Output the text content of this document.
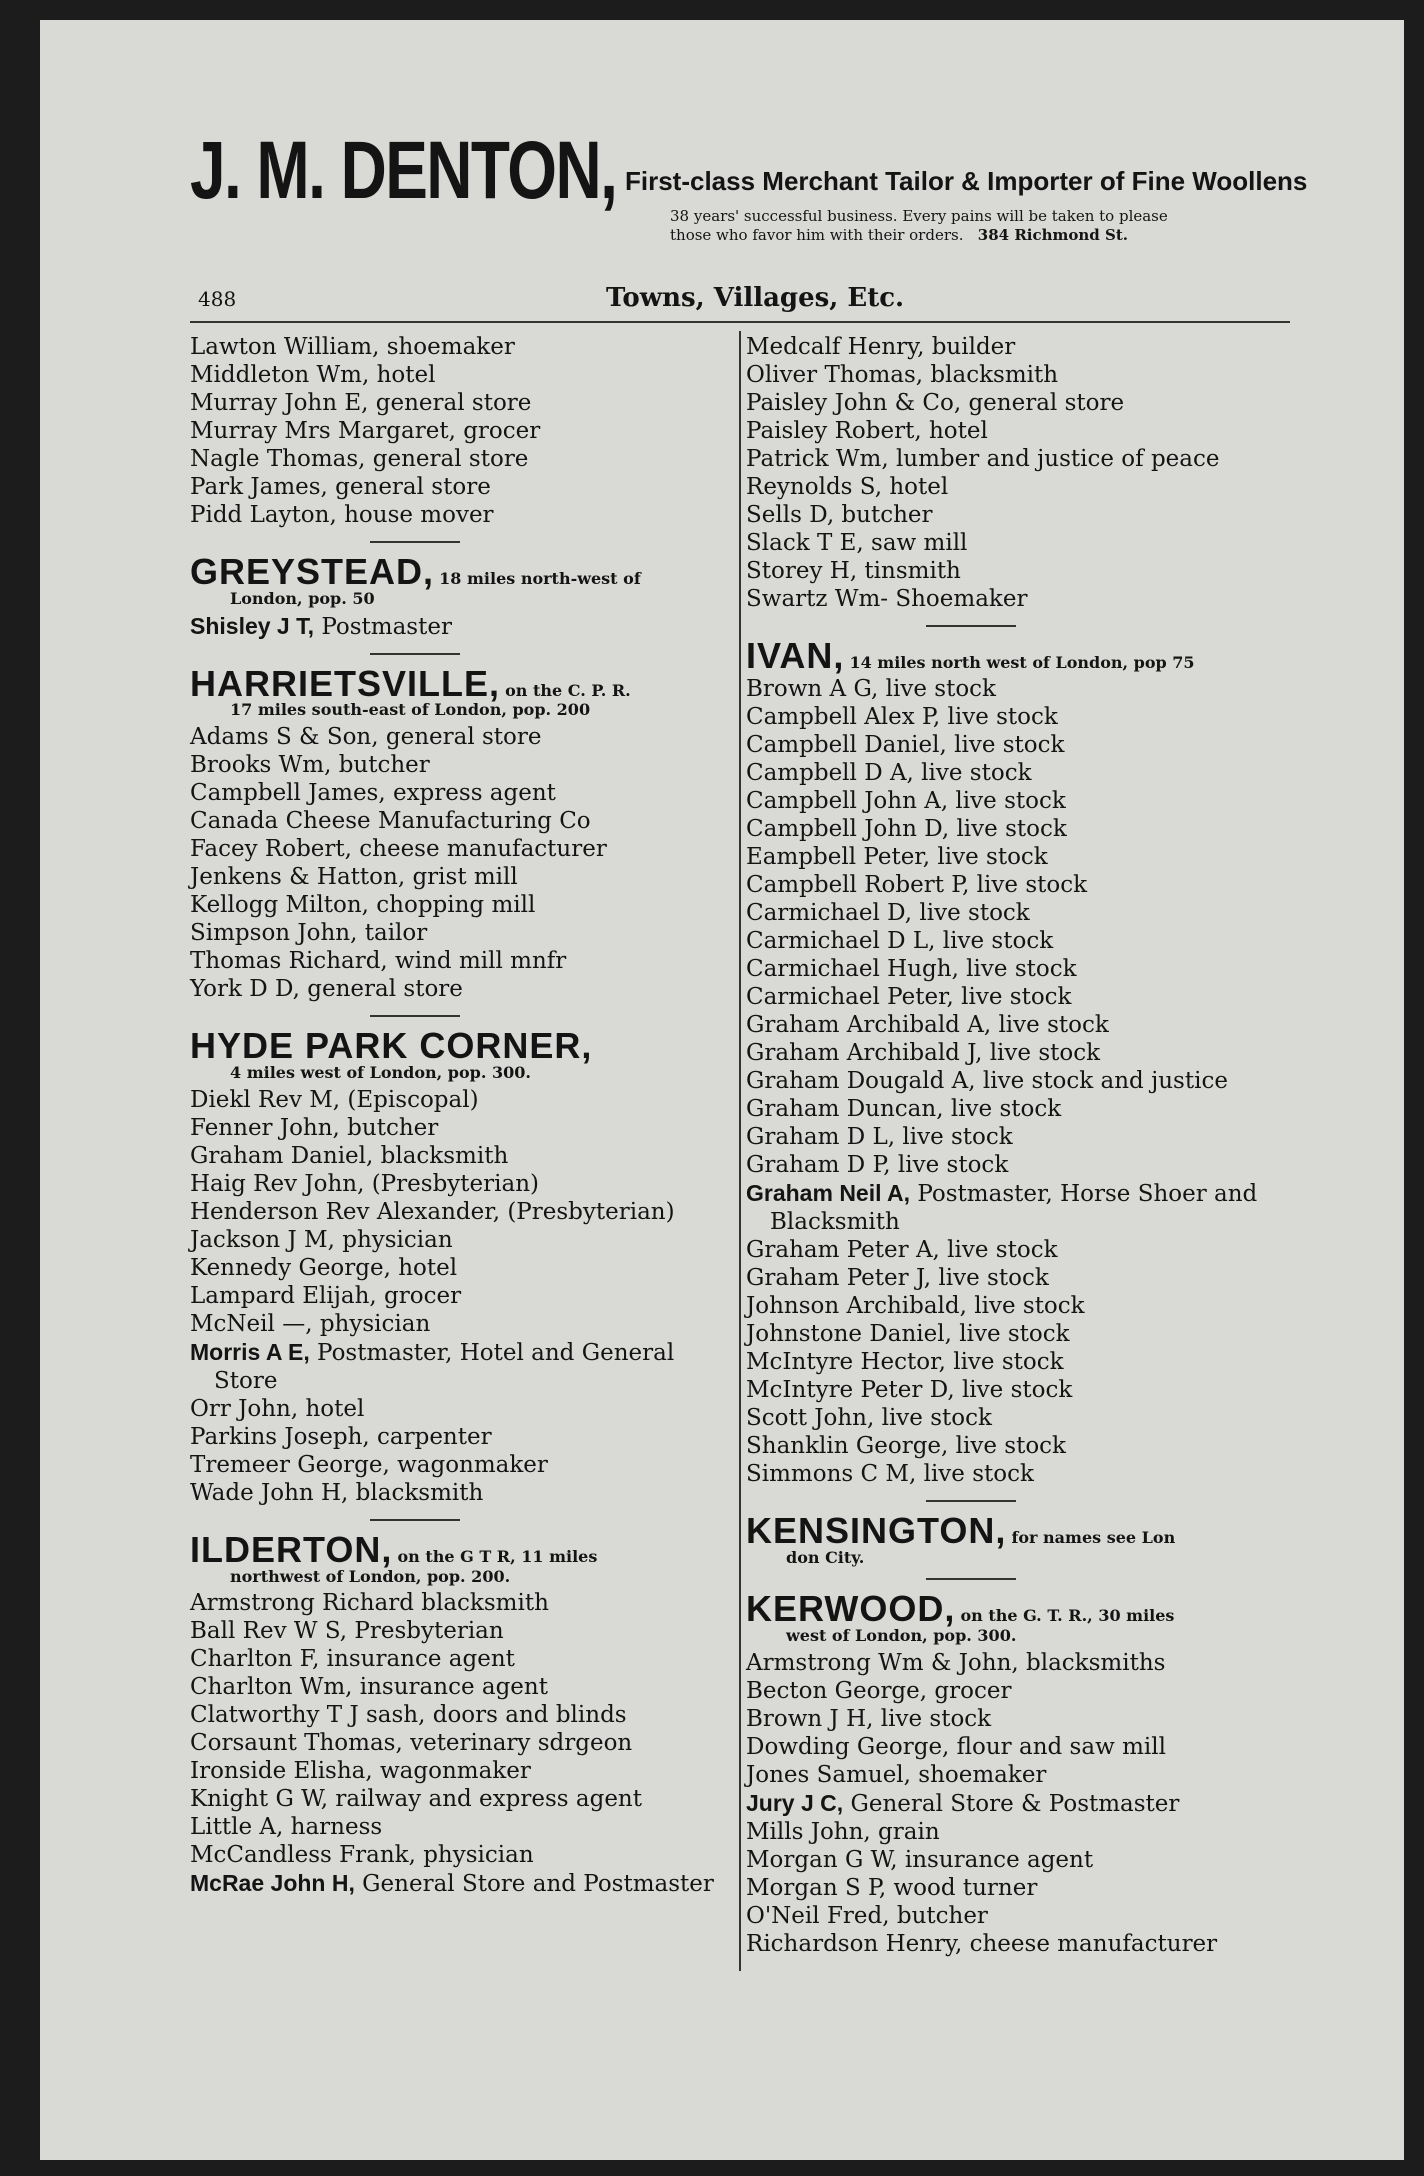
J. M. DENTON, First-class Merchant Tailor & Importer of Fine Woollens
38 years' successful business. Every pains will be taken to please
those who favor him with their orders. 384 Richmond St.
488	Towns, Villages, Etc.
Lawton William, shoemaker
Middleton Wm, hotel
Murray John E, general store
Murray Mrs Margaret, grocer
Nagle Thomas, general store
Park James, general store
Pidd Layton, house mover
GREYSTEAD, 18 miles north-west of
London, pop. 50
Shisley J T, Postmaster
HARRIETSVILLE, on the C. P. R.
17 miles south-east of London, pop. 200
Adams S & Son, general store
Brooks Wm, butcher
Campbell James, express agent
Canada Cheese Manufacturing Co
Facey Robert, cheese manufacturer
Jenkens & Hatton, grist mill
Kellogg Milton, chopping mill
Simpson John, tailor
Thomas Richard, wind mill mnfr
York D D, general store
HYDE PARK CORNER,
4 miles west of London, pop. 300.
Diekl Rev M, (Episcopal)
Fenner John, butcher
Graham Daniel, blacksmith
Haig Rev John, (Presbyterian)
Henderson Rev Alexander, (Presbyterian)
Jackson J M, physician
Kennedy George, hotel
Lampard Elijah, grocer
McNeil —, physician
Morris A E, Postmaster, Hotel and General Store
Orr John, hotel
Parkins Joseph, carpenter
Tremeer George, wagonmaker
Wade John H, blacksmith
ILDERTON, on the G T R, 11 miles
northwest of London, pop. 200.
Armstrong Richard blacksmith
Ball Rev W S, Presbyterian
Charlton F, insurance agent
Charlton Wm, insurance agent
Clatworthy T J sash, doors and blinds
Corsaunt Thomas, veterinary sdrgeon
Ironside Elisha, wagonmaker
Knight G W, railway and express agent
Little A, harness
McCandless Frank, physician
McRae John H, General Store and Postmaster
Medcalf Henry, builder
Oliver Thomas, blacksmith
Paisley John & Co, general store
Paisley Robert, hotel
Patrick Wm, lumber and justice of peace
Reynolds S, hotel
Sells D, butcher
Slack T E, saw mill
Storey H, tinsmith
Swartz Wm- Shoemaker
IVAN, 14 miles north west of London, pop 75
Brown A G, live stock
Campbell Alex P, live stock
Campbell Daniel, live stock
Campbell D A, live stock
Campbell John A, live stock
Campbell John D, live stock
Eampbell Peter, live stock
Campbell Robert P, live stock
Carmichael D, live stock
Carmichael D L, live stock
Carmichael Hugh, live stock
Carmichael Peter, live stock
Graham Archibald A, live stock
Graham Archibald J, live stock
Graham Dougald A, live stock and justice
Graham Duncan, live stock
Graham D L, live stock
Graham D P, live stock
Graham Neil A, Postmaster, Horse Shoer and Blacksmith
Graham Peter A, live stock
Graham Peter J, live stock
Johnson Archibald, live stock
Johnstone Daniel, live stock
McIntyre Hector, live stock
McIntyre Peter D, live stock
Scott John, live stock
Shanklin George, live stock
Simmons C M, live stock
KENSINGTON, for names see Lon
don City.
KERWOOD, on the G. T. R., 30 miles
west of London, pop. 300.
Armstrong Wm & John, blacksmiths
Becton George, grocer
Brown J H, live stock
Dowding George, flour and saw mill
Jones Samuel, shoemaker
Jury J C, General Store & Postmaster
Mills John, grain
Morgan G W, insurance agent
Morgan S P, wood turner
O'Neil Fred, butcher
Richardson Henry, cheese manufacturer
